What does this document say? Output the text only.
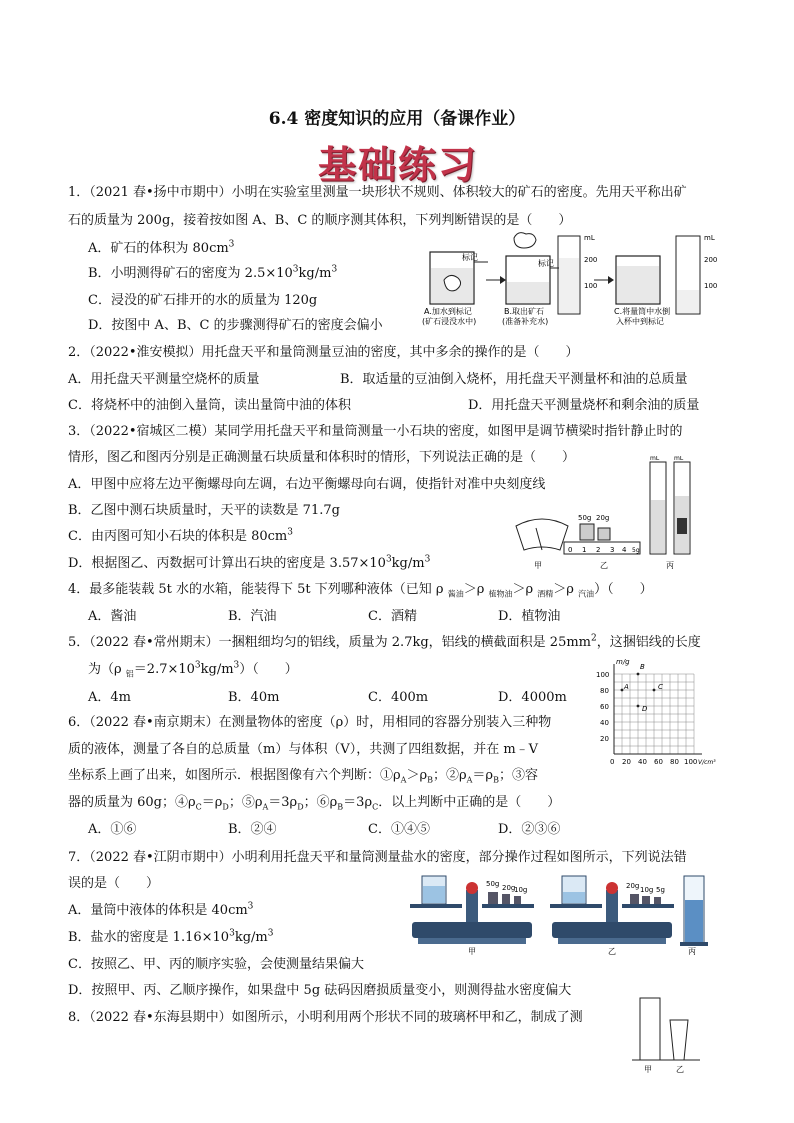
6.4 密度知识的应用（备课作业）
基础练习
1．（2021 春•扬中市期中）小明在实验室里测量一块形状不规则、体积较大的矿石的密度。先用天平称出矿
石的质量为 200g，接着按如图 A、B、C 的顺序测其体积，下列判断错误的是（　　）
A．矿石的体积为 $80cm^3$
B．小明测得矿石的密度为 $2.5\times 10^3kg/m^3$
C．浸没的矿石排开的水的质量为 120g
D．按图中 A、B、C 的步骤测得矿石的密度会偏小
标记
A.加水到标记
(矿石浸没水中)
标记
B.取出矿石
(准备补充水)
mL
200
100
C.将量筒中水倒
入杯中到标记
mL
200
100
2．（2022•淮安模拟）用托盘天平和量筒测量豆油的密度，其中多余的操作的是（　　）
A．用托盘天平测量空烧杯的质量	B．取适量的豆油倒入烧杯，用托盘天平测量杯和油的总质量
C．将烧杯中的油倒入量筒，读出量筒中油的体积	D．用托盘天平测量烧杯和剩余油的质量
3．（2022•宿城区二模）某同学用托盘天平和量筒测量一小石块的密度，如图甲是调节横梁时指针静止时的
情形，图乙和图丙分别是正确测量石块质量和体积时的情形，下列说法正确的是（　　）
A．甲图中应将左边平衡螺母向左调，右边平衡螺母向右调，使指针对准中央刻度线
B．乙图中测石块质量时，天平的读数是 71.7g
C．由丙图可知小石块的体积是 $80cm^3$
D．根据图乙、丙数据可计算出石块的密度是 $3.57\times 10^3kg/m^3$
甲
50g 20g
0 1 2 3 4 5g
乙
mL mL
丙
4．最多能装载 5t 水的水箱，能装得下 5t 下列哪种液体（已知 ρ $_{酱油}$＞ρ $_{植物油}$＞ρ $_{酒精}$＞ρ $_{汽油}$）（　　）
A．酱油	B．汽油	C．酒精	D．植物油
5．（2022 春•常州期末）一捆粗细均匀的铝线，质量为 2.7kg，铝线的横截面积是 $25mm^2$，这捆铝线的长度
为（ρ $_铝=2.7\times 10^3kg/m^3$）（　　）
A．4m	B．40m	C．400m	D．4000m
m/g
V/cm³
100
80
60
40
20
0 20 40 60 80 100
A
B
C
D
6．（2022 春•南京期末）在测量物体的密度（ρ）时，用相同的容器分别装入三种物
质的液体，测量了各自的总质量（m）与体积（V），共测了四组数据，并在 m﹣V
坐标系上画了出来，如图所示．根据图像有六个判断：$①\rho_A>\rho_B$；$②\rho_A=\rho_B$；③容
器的质量为 60g；$④\rho_C=\rho_D$；$⑤\rho_A=3\rho_D$；$⑥\rho_B=3\rho_C$．以上判断中正确的是（　　）
A．①⑥	B．②④	C．①④⑤	D．②③⑥
7．（2022 春•江阴市期中）小明利用托盘天平和量筒测量盐水的密度，部分操作过程如图所示，下列说法错
误的是（　　）
A．量筒中液体的体积是 $40cm^3$
B．盐水的密度是 $1.16\times 10^3kg/m^3$
C．按照乙、甲、丙的顺序实验，会使测量结果偏大
D．按照甲、丙、乙顺序操作，如果盘中 5g 砝码因磨损质量变小，则测得盐水密度偏大
50g 20g
10g
甲
20g 10g 5g
乙	丙
8．（2022 春•东海县期中）如图所示，小明利用两个形状不同的玻璃杯甲和乙，制成了测
甲	乙
